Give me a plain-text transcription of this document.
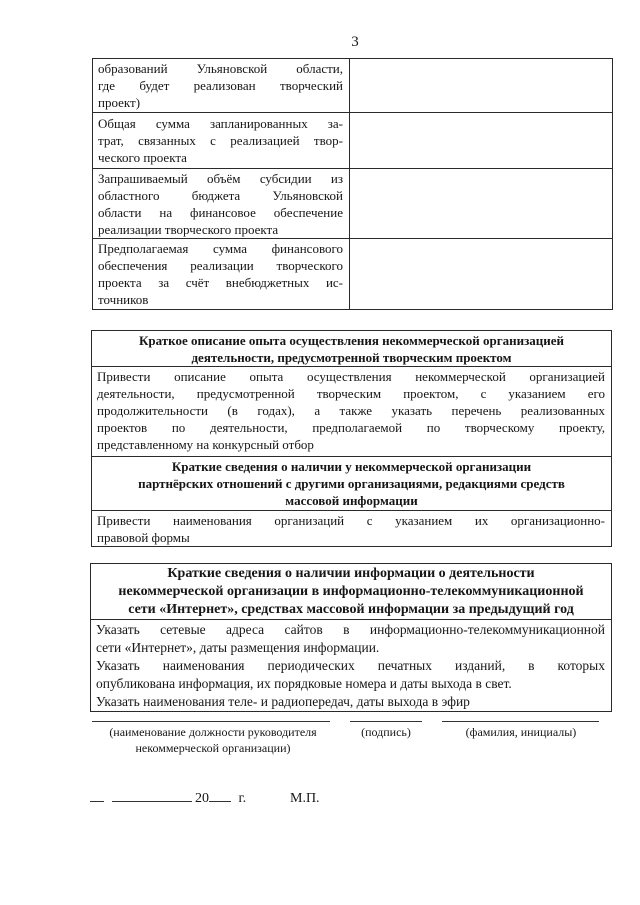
3
образований Ульяновской области,
где будет реализован творческий
проект)	

Общая сумма запланированных за-
трат, связанных с реализацией твор-
ческого проекта	

Запрашиваемый объём субсидии из
областного бюджета Ульяновской
области на финансовое обеспечение
реализации творческого проекта	

Предполагаемая сумма финансового
обеспечения реализации творческого
проекта за счёт внебюджетных ис-
точников	

Краткое описание опыта осуществления некоммерческой организацией
деятельности, предусмотренной творческим проектом

Привести описание опыта осуществления некоммерческой организацией
деятельности, предусмотренной творческим проектом, с указанием его
продолжительности (в годах), а также указать перечень реализованных
проектов по деятельности, предполагаемой по творческому проекту,
представленному на конкурсный отбор

Краткие сведения о наличии у некоммерческой организации
партнёрских отношений с другими организациями, редакциями средств
массовой информации

Привести наименования организаций с указанием их организационно-
правовой формы
Краткие сведения о наличии информации о деятельности
некоммерческой организации в информационно-телекоммуникационной
сети «Интернет», средствах массовой информации за предыдущий год

Указать сетевые адреса сайтов в информационно-телекоммуникационной
сети «Интернет», даты размещения информации.
Указать наименования периодических печатных изданий, в которых
опубликована информация, их порядковые номера и даты выхода в свет.
Указать наименования теле- и радиопередач, даты выхода в эфир
(наименование должности руководителя
некоммерческой организации)
(подпись)	(фамилия, инициалы)
20 г.	М.П.
